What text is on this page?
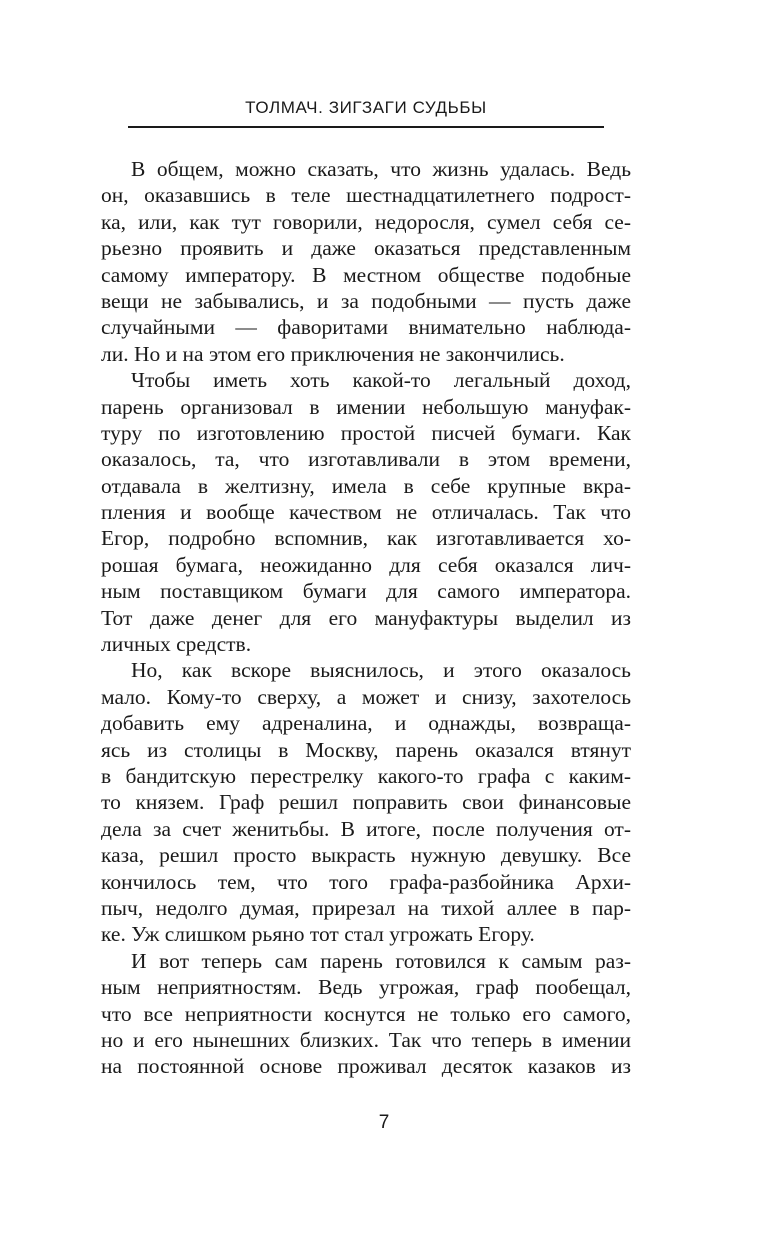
ТОЛМАЧ. ЗИГЗАГИ СУДЬБЫ
В общем, можно сказать, что жизнь удалась. Ведь
он, оказавшись в теле шестнадцатилетнего подрост-
ка, или, как тут говорили, недоросля, сумел себя се-
рьезно проявить и даже оказаться представленным
самому императору. В местном обществе подобные
вещи не забывались, и за подобными — пусть даже
случайными — фаворитами внимательно наблюда-
ли. Но и на этом его приключения не закончились.
Чтобы иметь хоть какой-то легальный доход,
парень организовал в имении небольшую мануфак-
туру по изготовлению простой писчей бумаги. Как
оказалось, та, что изготавливали в этом времени,
отдавала в желтизну, имела в себе крупные вкра-
пления и вообще качеством не отличалась. Так что
Егор, подробно вспомнив, как изготавливается хо-
рошая бумага, неожиданно для себя оказался лич-
ным поставщиком бумаги для самого императора.
Тот даже денег для его мануфактуры выделил из
личных средств.
Но, как вскоре выяснилось, и этого оказалось
мало. Кому-то сверху, а может и снизу, захотелось
добавить ему адреналина, и однажды, возвраща-
ясь из столицы в Москву, парень оказался втянут
в бандитскую перестрелку какого-то графа с каким-
то князем. Граф решил поправить свои финансовые
дела за счет женитьбы. В итоге, после получения от-
каза, решил просто выкрасть нужную девушку. Все
кончилось тем, что того графа-разбойника Архи-
пыч, недолго думая, прирезал на тихой аллее в пар-
ке. Уж слишком рьяно тот стал угрожать Егору.
И вот теперь сам парень готовился к самым раз-
ным неприятностям. Ведь угрожая, граф пообещал,
что все неприятности коснутся не только его самого,
но и его нынешних близких. Так что теперь в имении
на постоянной основе проживал десяток казаков из
7
